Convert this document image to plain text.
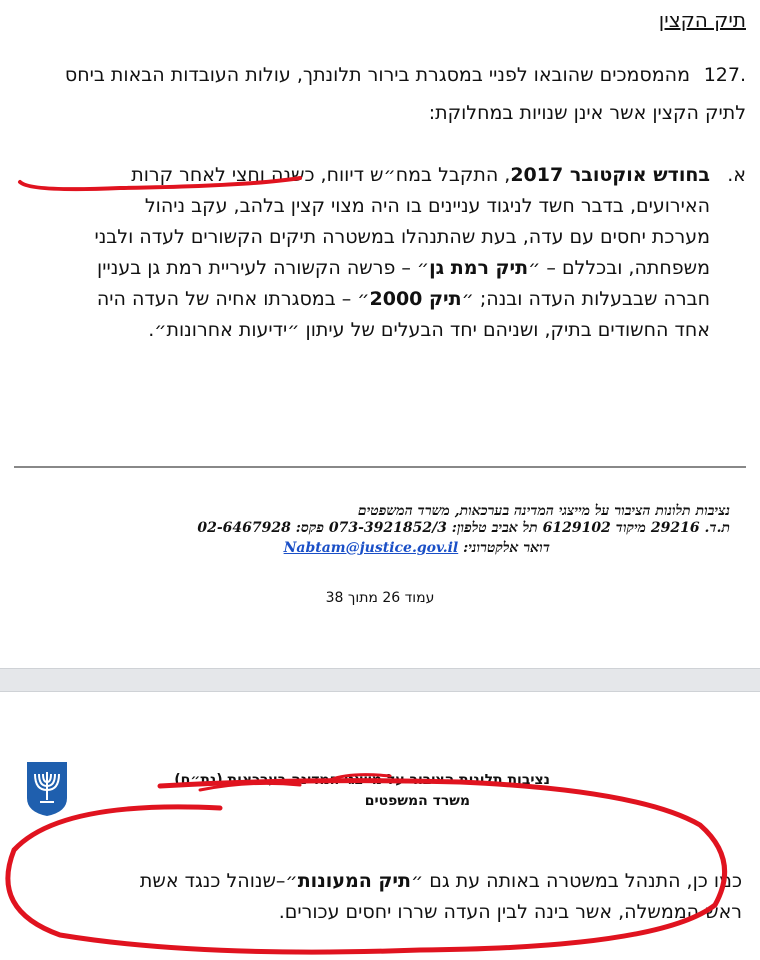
תיק הקצין
.127
מהמסמכים שהובאו לפניי במסגרת בירור תלונתך, עולות העובדות הבאות ביחס
לתיק הקצין אשר אינן שנויות במחלוקת:
א.
בחודש אוקטובר 2017, התקבל במח״ש דיווח, כשנה וחצי לאחר קרות
האירועים, בדבר חשד לניגוד עניינים בו היה מצוי קצין בלהב, עקב ניהול
מערכת יחסים עם עדה, בעת שהתנהלו במשטרה תיקים הקשורים לעדה ולבני
משפחתה, ובכללם – ״תיק רמת גן״ – פרשה הקשורה לעיריית רמת גן בעניין
חברה שבבעלות העדה ובנה; ״תיק 2000״ – במסגרתו אחיה של העדה היה
אחד החשודים בתיק, ושניהם יחד הבעלים של עיתון ״ידיעות אחרונות״.
נציבות תלונות הציבור על מייצגי המדינה בערכאות, משרד המשפטים
ת.ד. 29216 מיקוד 6129102 תל אביב טלפון: 073-3921852/3 פקס: 02-6467928
דואר אלקטרוני: Nabtam@justice.gov.il
עמוד 26 מתוך 38
נציבות תלונות הציבור על מייצגי המדינה בערכאות (נת״ם)
משרד המשפטים
כמו כן, התנהל במשטרה באותה עת גם ״תיק המעונות״–שנוהל כנגד אשת
ראש הממשלה, אשר בינה לבין העדה שררו יחסים עכורים.
